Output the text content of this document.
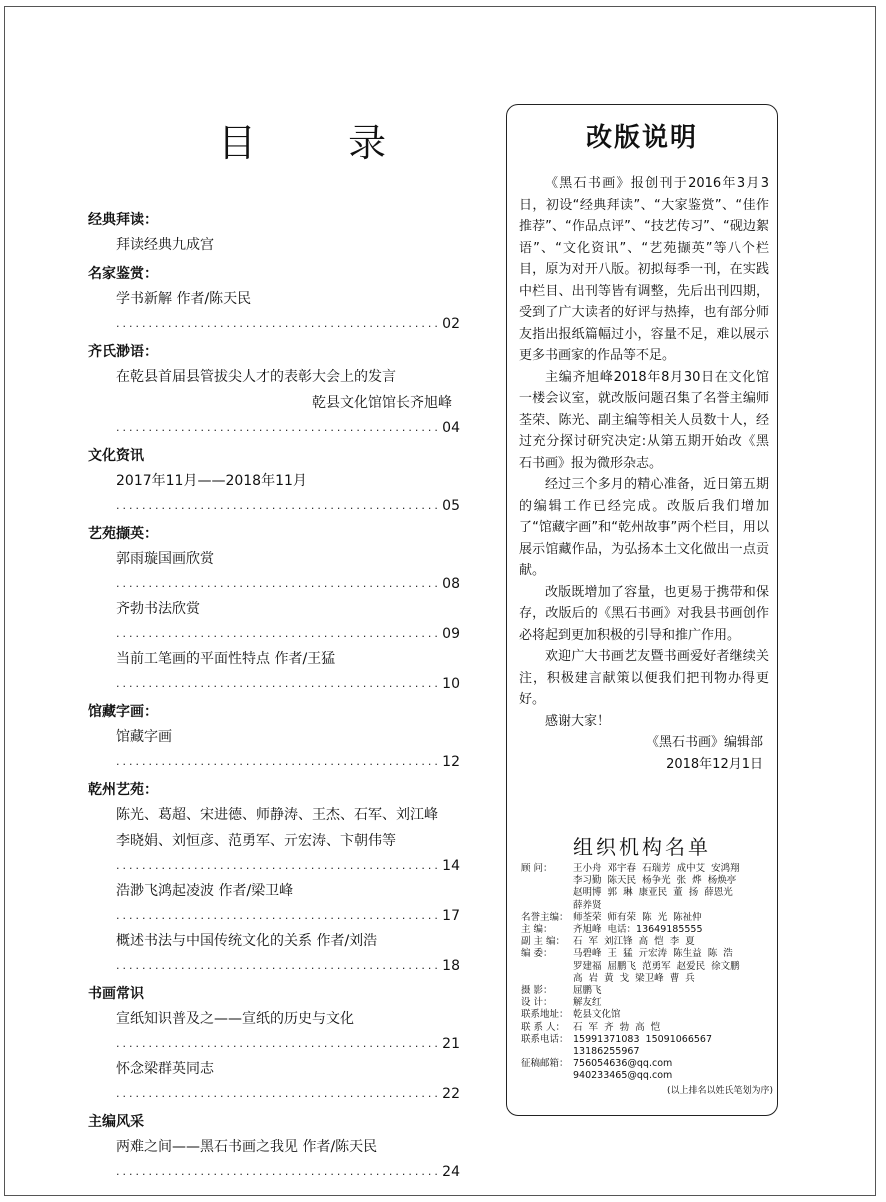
目 录
经典拜读：
拜读经典九成宫
名家鉴赏：
学书新解 作者/陈天民
.....
02
齐氏渺语：
在乾县首届县管拔尖人才的表彰大会上的发言
乾县文化馆馆长齐旭峰
.....
04
文化资讯
2017年11月——2018年11月
.....
05
艺苑撷英：
郭雨璇国画欣赏
.....
08
齐勃书法欣赏
.....
09
当前工笔画的平面性特点 作者/王猛
.....
10
馆藏字画：
馆藏字画
.....
12
乾州艺苑：
陈光、葛超、宋进德、师静涛、王杰、石军、刘江峰
李晓娟、刘恒彦、范勇军、亓宏涛、卞朝伟等
.....
14
浩渺飞鸿起凌波 作者/梁卫峰
.....
17
概述书法与中国传统文化的关系 作者/刘浩
.....
18
书画常识
宣纸知识普及之——宣纸的历史与文化
.....
21
怀念梁群英同志
.....
22
主编风采
两难之间——黑石书画之我见 作者/陈天民
.....
24
改版说明

《黑石书画》报创刊于2016年3月3日，初设“经典拜读”、“大家鉴赏”、“佳作推荐”、“作品点评”、“技艺传习”、“砚边絮语”、“文化资讯”、“艺苑撷英”等八个栏目，原为对开八版。初拟每季一刊，在实践中栏目、出刊等皆有调整，先后出刊四期，受到了广大读者的好评与热捧，也有部分师友指出报纸篇幅过小，容量不足，难以展示更多书画家的作品等不足。

主编齐旭峰2018年8月30日在文化馆一楼会议室，就改版问题召集了名誉主编师荃荣、陈光、副主编等相关人员数十人，经过充分探讨研究决定:从第五期开始改《黑石书画》报为微形杂志。

经过三个多月的精心准备，近日第五期的编辑工作已经完成。改版后我们增加了“馆藏字画”和“乾州故事”两个栏目，用以展示馆藏作品，为弘扬本土文化做出一点贡献。

改版既增加了容量，也更易于携带和保存，改版后的《黑石书画》对我县书画创作必将起到更加积极的引导和推广作用。

欢迎广大书画艺友暨书画爱好者继续关注，积极建言献策以便我们把刊物办得更好。

感谢大家！

《黑石书画》编辑部
2018年12月1日
组织机构名单
顾 问：	王小舟  邓宇春  石瑞芳  成中艾  安鸿翔
李习勤  陈天民  杨争光  张  烨  杨焕亭
赵明博  郭  琳  康亚民  董  扬  薛恩光
薛养贤
名誉主编： 师荃荣  师有荣  陈  光  陈祉仲
主 编：	齐旭峰  电话：13649185555
副 主 编： 石  军  刘江锋  高  恺  李  夏
编 委：	马碧峰  王  猛  亓宏涛  陈生益  陈  浩
罗建福  屈鹏飞  范勇军  赵爱民  徐文鹏
高  岩  黄  戈  梁卫峰  曹  兵
摄 影：	屈鹏飞
设 计：	解友红
联系地址： 乾县文化馆
联 系 人： 石  军  齐  勃  高  恺
联系电话： 15991371083  15091066567
13186255967
征稿邮箱： 756054636@qq.com
940233465@qq.com
(以上排名以姓氏笔划为序)
